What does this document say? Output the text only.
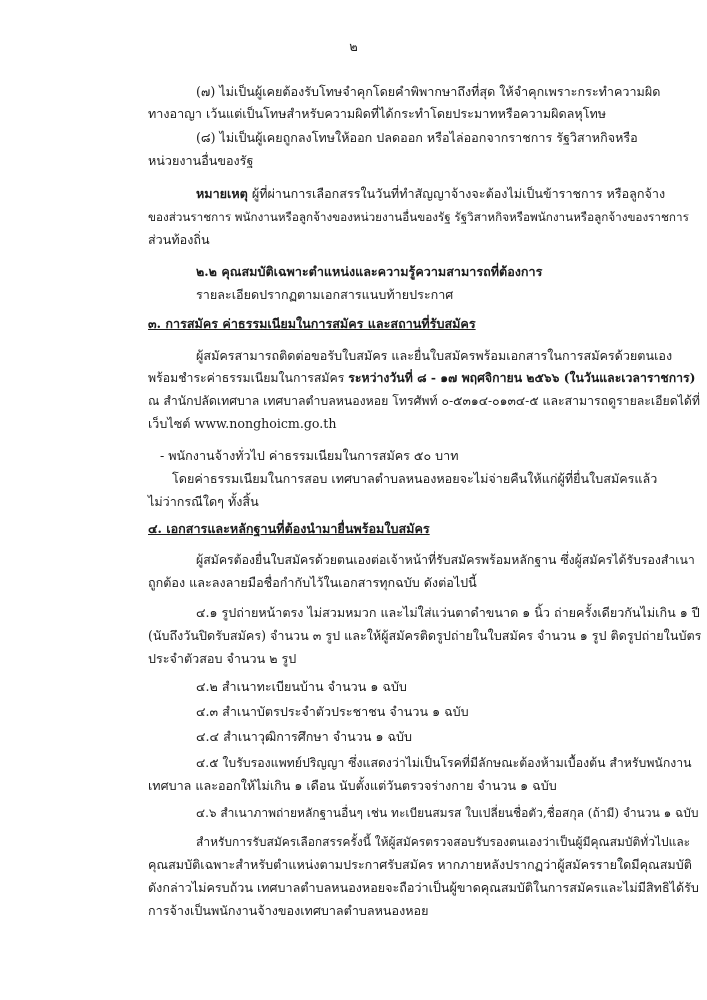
๒
(๗) ไม่เป็นผู้เคยต้องรับโทษจำคุกโดยคำพิพากษาถึงที่สุด ให้จำคุกเพราะกระทำความผิด
ทางอาญา เว้นแต่เป็นโทษสำหรับความผิดที่ได้กระทำโดยประมาทหรือความผิดลหุโทษ
(๘) ไม่เป็นผู้เคยถูกลงโทษให้ออก ปลดออก หรือไล่ออกจากราชการ รัฐวิสาหกิจหรือ
หน่วยงานอื่นของรัฐ
หมายเหตุ ผู้ที่ผ่านการเลือกสรรในวันที่ทำสัญญาจ้างจะต้องไม่เป็นข้าราชการ หรือลูกจ้าง
ของส่วนราชการ พนักงานหรือลูกจ้างของหน่วยงานอื่นของรัฐ รัฐวิสาหกิจหรือพนักงานหรือลูกจ้างของราชการ
ส่วนท้องถิ่น
๒.๒ คุณสมบัติเฉพาะตำแหน่งและความรู้ความสามารถที่ต้องการ
รายละเอียดปรากฏตามเอกสารแนบท้ายประกาศ
๓. การสมัคร ค่าธรรมเนียมในการสมัคร และสถานที่รับสมัคร
ผู้สมัครสามารถติดต่อขอรับใบสมัคร และยื่นใบสมัครพร้อมเอกสารในการสมัครด้วยตนเอง
พร้อมชำระค่าธรรมเนียมในการสมัคร ระหว่างวันที่ ๘ - ๑๗ พฤศจิกายน ๒๕๖๖ (ในวันและเวลาราชการ)
ณ สำนักปลัดเทศบาล เทศบาลตำบลหนองหอย โทรศัพท์ ๐-๕๓๑๔-๐๑๓๔-๕ และสามารถดูรายละเอียดได้ที่
เว็บไซต์ www.nonghoicm.go.th
- พนักงานจ้างทั่วไป ค่าธรรมเนียมในการสมัคร ๕๐ บาท
โดยค่าธรรมเนียมในการสอบ เทศบาลตำบลหนองหอยจะไม่จ่ายคืนให้แก่ผู้ที่ยื่นใบสมัครแล้ว
ไม่ว่ากรณีใดๆ ทั้งสิ้น
๔. เอกสารและหลักฐานที่ต้องนำมายื่นพร้อมใบสมัคร
ผู้สมัครต้องยื่นใบสมัครด้วยตนเองต่อเจ้าหน้าที่รับสมัครพร้อมหลักฐาน ซึ่งผู้สมัครได้รับรองสำเนา
ถูกต้อง และลงลายมือชื่อกำกับไว้ในเอกสารทุกฉบับ ดังต่อไปนี้
๔.๑ รูปถ่ายหน้าตรง ไม่สวมหมวก และไม่ใส่แว่นตาดำขนาด ๑ นิ้ว ถ่ายครั้งเดียวกันไม่เกิน ๑ ปี
(นับถึงวันปิดรับสมัคร) จำนวน ๓ รูป และให้ผู้สมัครติดรูปถ่ายในใบสมัคร จำนวน ๑ รูป ติดรูปถ่ายในบัตร
ประจำตัวสอบ จำนวน ๒ รูป
๔.๒ สำเนาทะเบียนบ้าน จำนวน ๑ ฉบับ
๔.๓ สำเนาบัตรประจำตัวประชาชน จำนวน ๑ ฉบับ
๔.๔ สำเนาวุฒิการศึกษา จำนวน ๑ ฉบับ
๔.๕ ใบรับรองแพทย์ปริญญา ซึ่งแสดงว่าไม่เป็นโรคที่มีลักษณะต้องห้ามเบื้องต้น สำหรับพนักงาน
เทศบาล และออกให้ไม่เกิน ๑ เดือน นับตั้งแต่วันตรวจร่างกาย จำนวน ๑ ฉบับ
๔.๖ สำเนาภาพถ่ายหลักฐานอื่นๆ เช่น ทะเบียนสมรส ใบเปลี่ยนชื่อตัว,ชื่อสกุล (ถ้ามี) จำนวน ๑ ฉบับ
สำหรับการรับสมัครเลือกสรรครั้งนี้ ให้ผู้สมัครตรวจสอบรับรองตนเองว่าเป็นผู้มีคุณสมบัติทั่วไปและ
คุณสมบัติเฉพาะสำหรับตำแหน่งตามประกาศรับสมัคร หากภายหลังปรากฏว่าผู้สมัครรายใดมีคุณสมบัติ
ดังกล่าวไม่ครบถ้วน เทศบาลตำบลหนองหอยจะถือว่าเป็นผู้ขาดคุณสมบัติในการสมัครและไม่มีสิทธิได้รับ
การจ้างเป็นพนักงานจ้างของเทศบาลตำบลหนองหอย
